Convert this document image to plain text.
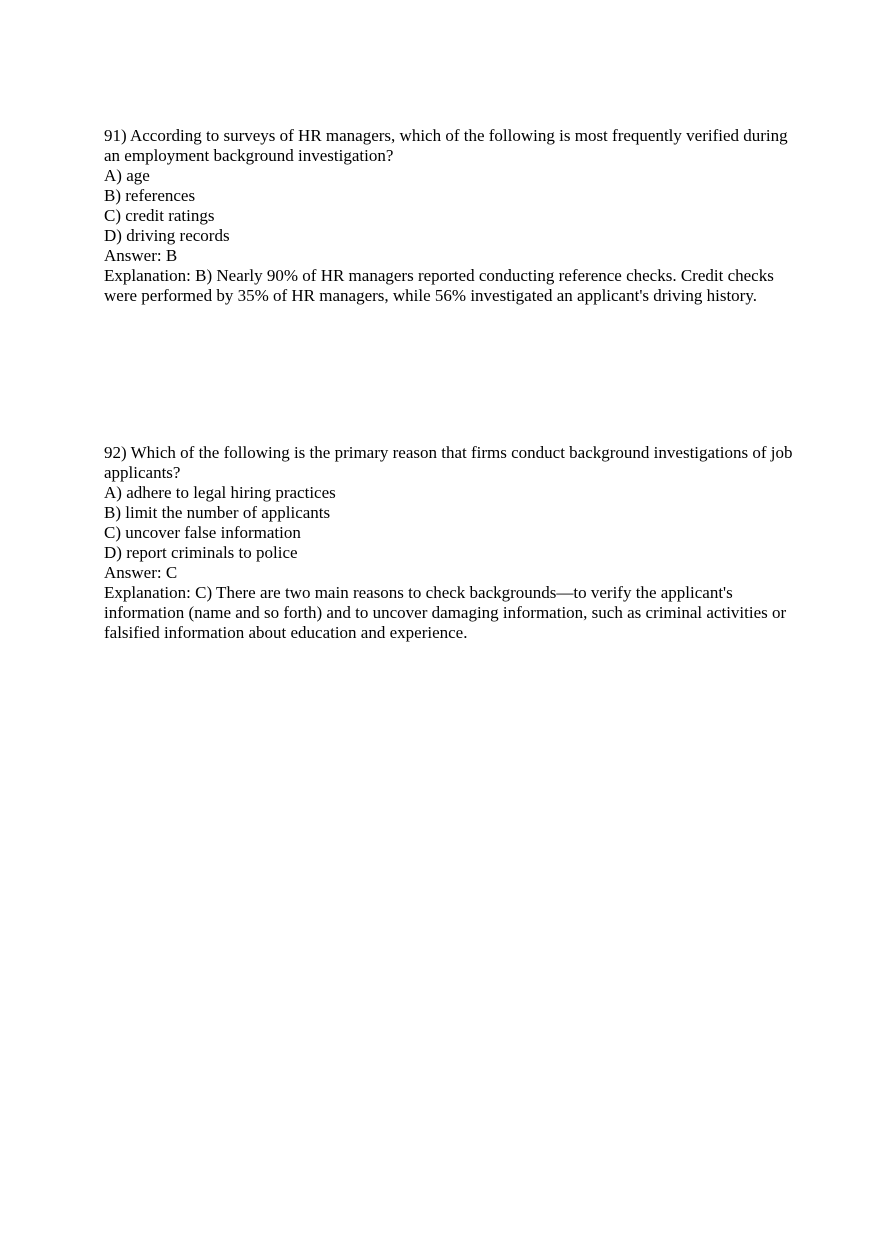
91) According to surveys of HR managers, which of the following is most frequently verified during an employment background investigation?
A) age
B) references
C) credit ratings
D) driving records
Answer: B
Explanation: B) Nearly 90% of HR managers reported conducting reference checks. Credit checks were performed by 35% of HR managers, while 56% investigated an applicant's driving history.
92) Which of the following is the primary reason that firms conduct background investigations of job applicants?
A) adhere to legal hiring practices
B) limit the number of applicants
C) uncover false information
D) report criminals to police
Answer: C
Explanation: C) There are two main reasons to check backgrounds—to verify the applicant's information (name and so forth) and to uncover damaging information, such as criminal activities or falsified information about education and experience.
